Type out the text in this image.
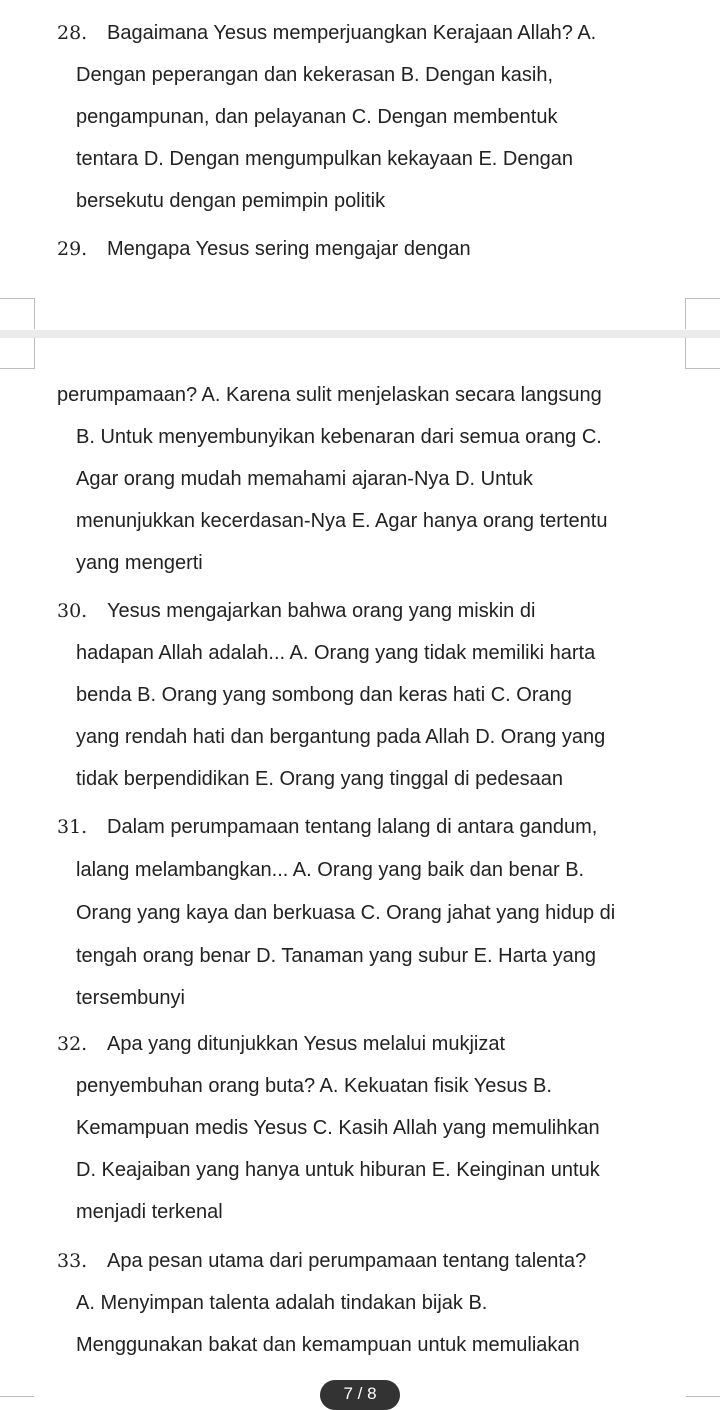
28. Bagaimana Yesus memperjuangkan Kerajaan Allah? A.
Dengan peperangan dan kekerasan B. Dengan kasih,
pengampunan, dan pelayanan C. Dengan membentuk
tentara D. Dengan mengumpulkan kekayaan E. Dengan
bersekutu dengan pemimpin politik
29. Mengapa Yesus sering mengajar dengan
perumpamaan? A. Karena sulit menjelaskan secara langsung
B. Untuk menyembunyikan kebenaran dari semua orang C.
Agar orang mudah memahami ajaran-Nya D. Untuk
menunjukkan kecerdasan-Nya E. Agar hanya orang tertentu
yang mengerti
30. Yesus mengajarkan bahwa orang yang miskin di
hadapan Allah adalah... A. Orang yang tidak memiliki harta
benda B. Orang yang sombong dan keras hati C. Orang
yang rendah hati dan bergantung pada Allah D. Orang yang
tidak berpendidikan E. Orang yang tinggal di pedesaan
31. Dalam perumpamaan tentang lalang di antara gandum,
lalang melambangkan... A. Orang yang baik dan benar B.
Orang yang kaya dan berkuasa C. Orang jahat yang hidup di
tengah orang benar D. Tanaman yang subur E. Harta yang
tersembunyi
32. Apa yang ditunjukkan Yesus melalui mukjizat
penyembuhan orang buta? A. Kekuatan fisik Yesus B.
Kemampuan medis Yesus C. Kasih Allah yang memulihkan
D. Keajaiban yang hanya untuk hiburan E. Keinginan untuk
menjadi terkenal
33. Apa pesan utama dari perumpamaan tentang talenta?
A. Menyimpan talenta adalah tindakan bijak B.
Menggunakan bakat dan kemampuan untuk memuliakan
7 / 8
